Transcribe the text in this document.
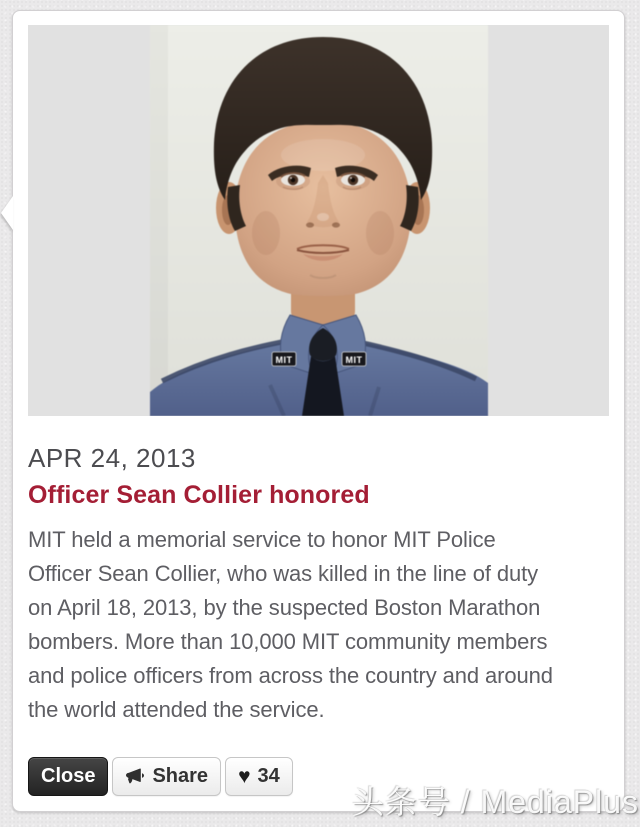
MIT	MIT
APR 24, 2013
Officer Sean Collier honored
MIT held a memorial service to honor MIT Police
Officer Sean Collier, who was killed in the line of duty
on April 18, 2013, by the suspected Boston Marathon
bombers. More than 10,000 MIT community members
and police officers from across the country and around
the world attended the service.
Close	Share ♥ 34
头条号 / MediaPlus
